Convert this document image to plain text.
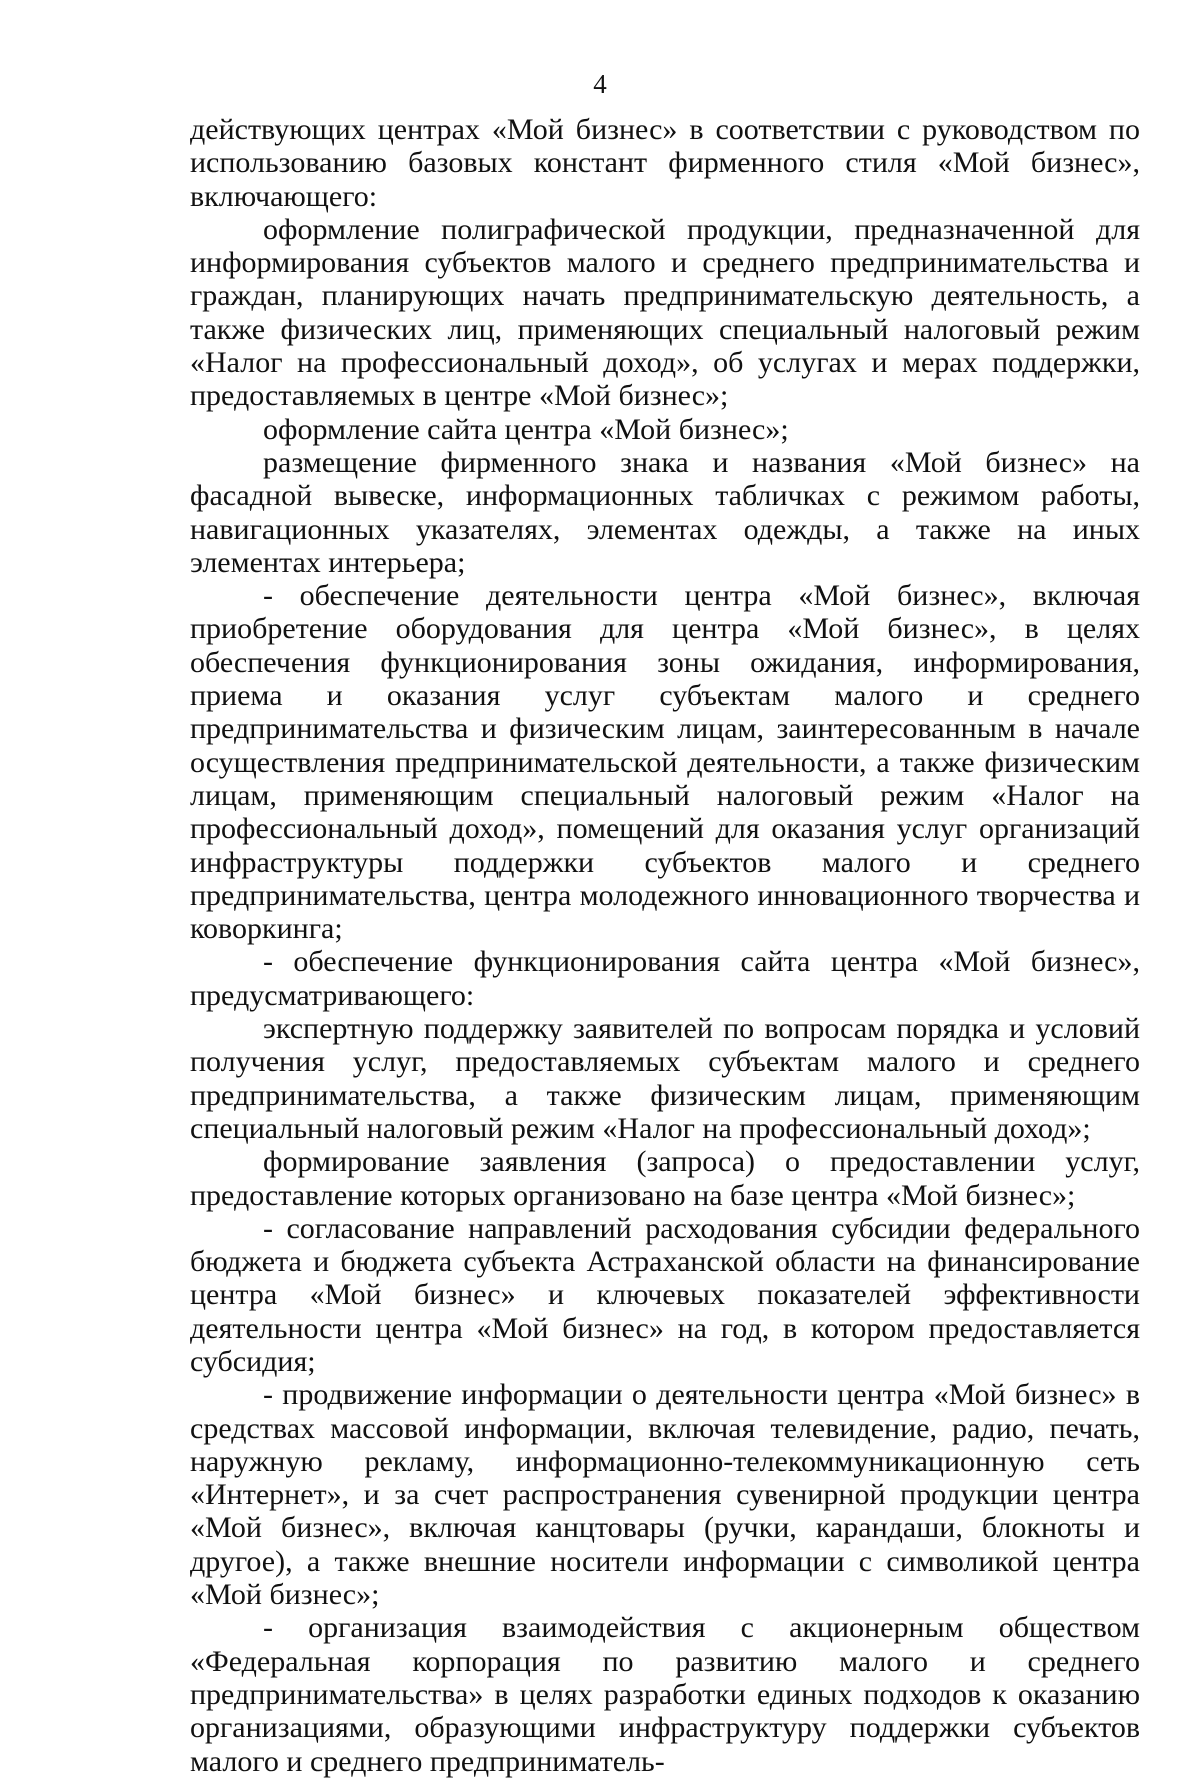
4

действующих центрах «Мой бизнес» в соответствии с руководством по использованию базовых констант фирменного стиля «Мой бизнес», включающего:

оформление полиграфической продукции, предназначенной для информирования субъектов малого и среднего предпринимательства и граждан, планирующих начать предпринимательскую деятельность, а также физических лиц, применяющих специальный налоговый режим «Налог на профессиональный доход», об услугах и мерах поддержки, предоставляемых в центре «Мой бизнес»;

оформление сайта центра «Мой бизнес»;

размещение фирменного знака и названия «Мой бизнес» на фасадной вывеске, информационных табличках с режимом работы, навигационных указателях, элементах одежды, а также на иных элементах интерьера;

- обеспечение деятельности центра «Мой бизнес», включая приобретение оборудования для центра «Мой бизнес», в целях обеспечения функционирования зоны ожидания, информирования, приема и оказания услуг субъектам малого и среднего предпринимательства и физическим лицам, заинтересованным в начале осуществления предпринимательской деятельности, а также физическим лицам, применяющим специальный налоговый режим «Налог на профессиональный доход», помещений для оказания услуг организаций инфраструктуры поддержки субъектов малого и среднего предпринимательства, центра молодежного инновационного творчества и коворкинга;

- обеспечение функционирования сайта центра «Мой бизнес», предусматривающего:

экспертную поддержку заявителей по вопросам порядка и условий получения услуг, предоставляемых субъектам малого и среднего предпринимательства, а также физическим лицам, применяющим специальный налоговый режим «Налог на профессиональный доход»;

формирование заявления (запроса) о предоставлении услуг, предоставление которых организовано на базе центра «Мой бизнес»;

- согласование направлений расходования субсидии федерального бюджета и бюджета субъекта Астраханской области на финансирование центра «Мой бизнес» и ключевых показателей эффективности деятельности центра «Мой бизнес» на год, в котором предоставляется субсидия;

- продвижение информации о деятельности центра «Мой бизнес» в средствах массовой информации, включая телевидение, радио, печать, наружную рекламу, информационно-телекоммуникационную сеть «Интернет», и за счет распространения сувенирной продукции центра «Мой бизнес», включая канцтовары (ручки, карандаши, блокноты и другое), а также внешние носители информации с символикой центра «Мой бизнес»;

- организация взаимодействия с акционерным обществом «Федеральная корпорация по развитию малого и среднего предпринимательства» в целях разработки единых подходов к оказанию организациями, образующими инфраструктуру поддержки субъектов малого и среднего предприниматель-
